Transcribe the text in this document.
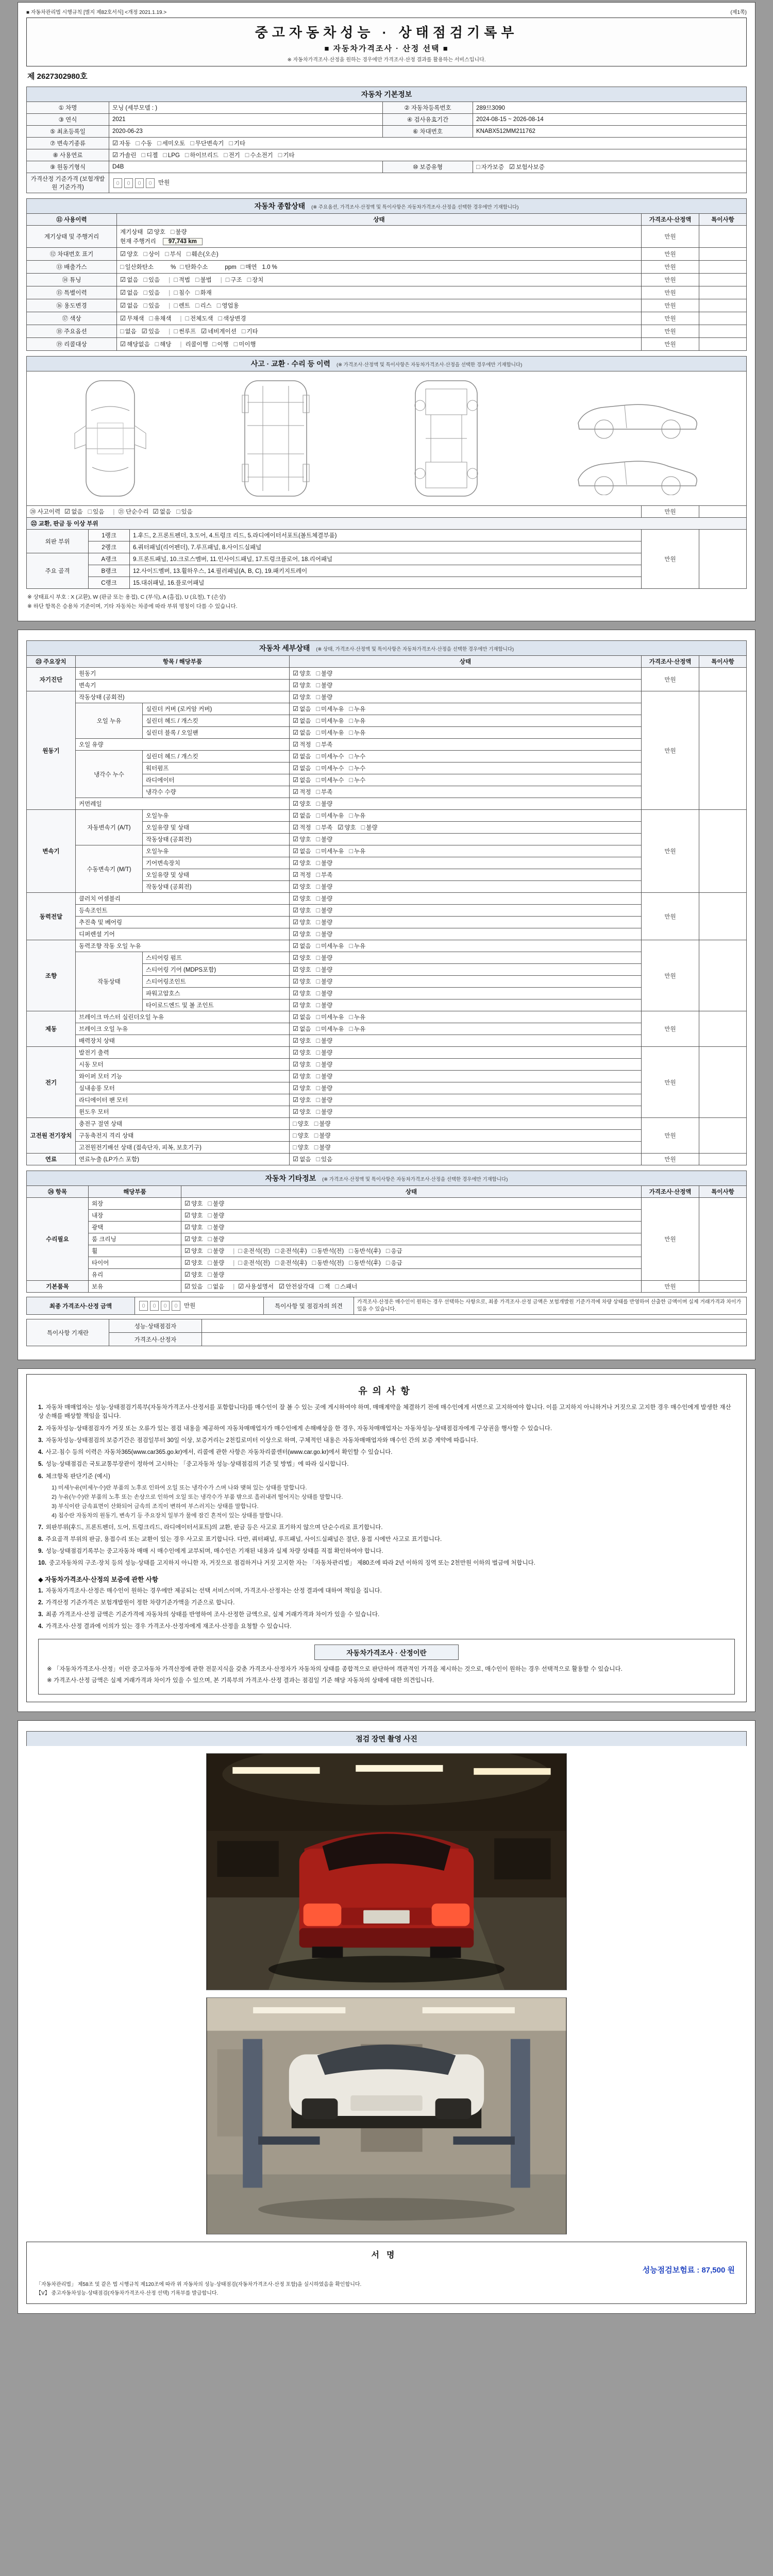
■ 자동차관리법 시행규칙 [별지 제82호서식] <개정 2021.1.19.>	(제1쪽)
중고자동차성능 · 상태점검기록부
■ 자동차가격조사 · 산정 선택 ■
※ 자동차가격조사·산정을 원하는 경우에만 가격조사·산정 결과를 활용하는 서비스입니다.
제 2627302980호
자동차 기본정보
① 차명	모닝 (세부모델 : )	② 자동차등록번호	289므3090
③ 연식	2021	④ 검사유효기간	2024-08-15 ~ 2026-08-14
⑤ 최초등록일	2020-06-23	⑥ 차대번호	KNABX512MM211762
⑦ 변속기종류	☑ 자동 □ 수동 □ 세미오토 □ 무단변속기 □ 기타		
⑧ 사용연료	☑ 가솔린 □ 디젤 □ LPG □ 하이브리드 □ 전기 □ 수소전기 □ 기타		
⑨ 원동기형식	D4B	⑩ 보증유형	□ 자가보증 ☑ 보험사보증
가격산정 기준가격 (보험개발원 기준가격)	0 0 0 0 만원		
자동차 종합상태 (※ 주요옵션, 가격조사·산정액 및 특이사항은 자동차가격조사·산정을 선택한 경우에만 기재합니다)
⑪ 사용이력	상태	가격조사·산정액	특이사항
계기상태 및 주행거리	계기상태 ☑ 양호 □ 불량
현재 주행거리 97,743 km	만원	
⑫ 차대번호 표기	☑ 양호 □ 상이 □ 부식 □ 훼손(오손)	만원	
⑬ 배출가스	□ 일산화탄소　　% □ 탄화수소　　ppm □ 매연 1.0 %	만원	
⑭ 튜닝	☑ 없음 □ 있음 | □ 적법 □ 불법 | □ 구조 □ 장치	만원	
⑮ 특별이력	☑ 없음 □ 있음 | □ 침수 □ 화재	만원	
⑯ 용도변경	☑ 없음 □ 있음 | □ 렌트 □ 리스 □ 영업용	만원	
⑰ 색상	☑ 무채색 □ 유채색 | □ 전체도색 □ 색상변경	만원	
⑱ 주요옵션	□ 없음 ☑ 있음 | □ 썬루프 ☑ 네비게이션 □ 기타	만원	
⑲ 리콜대상	☑ 해당없음 □ 해당 | 리콜이행 □ 이행 □ 미이행	만원	
사고 · 교환 · 수리 등 이력 (※ 가격조사·산정액 및 특이사항은 자동차가격조사·산정을 선택한 경우에만 기재합니다)
⑳ 사고이력 ☑ 없음 □ 있음 | ㉑ 단순수리 ☑ 없음 □ 있음			만원	
㉒ 교환, 판금 등 이상 부위				
외판 부위	1랭크	1.후드, 2.프론트펜더, 3.도어, 4.트렁크 리드, 5.라디에이터서포트(볼트체결부품)	만원	
	2랭크	6.쿼터패널(리어펜더), 7.루프패널, 8.사이드실패널		
주요 골격	A랭크	9.프론트패널, 10.크로스멤버, 11.인사이드패널, 17.트렁크플로어, 18.리어패널		
	B랭크	12.사이드멤버, 13.휠하우스, 14.필러패널(A, B, C), 19.패키지트레이		
	C랭크	15.대쉬패널, 16.플로어패널		
※ 상태표시 부호 : X (교환), W (판금 또는 용접), C (부식), A (흠집), U (요철), T (손상)
※ 하단 항목은 승용차 기준이며, 기타 자동차는 차종에 따라 부위 명칭이 다를 수 있습니다.
자동차 세부상태 (※ 상태, 가격조사·산정액 및 특이사항은 자동차가격조사·산정을 선택한 경우에만 기재합니다)
㉓ 주요장치	항목 / 해당부품		상태	가격조사·산정액	특이사항
자기진단	원동기		☑ 양호 □ 불량	만원	
	변속기		☑ 양호 □ 불량		
원동기	작동상태 (공회전)		☑ 양호 □ 불량	만원	
	오일 누유	실린더 커버 (로커암 커버)	☑ 없음 □ 미세누유 □ 누유		
		실린더 헤드 / 개스킷	☑ 없음 □ 미세누유 □ 누유		
		실린더 블록 / 오일팬	☑ 없음 □ 미세누유 □ 누유		
	오일 유량		☑ 적정 □ 부족		
	냉각수 누수	실린더 헤드 / 개스킷	☑ 없음 □ 미세누수 □ 누수		
		워터펌프	☑ 없음 □ 미세누수 □ 누수		
		라디에이터	☑ 없음 □ 미세누수 □ 누수		
		냉각수 수량	☑ 적정 □ 부족		
	커먼레일		☑ 양호 □ 불량		
변속기	자동변속기 (A/T)	오일누유	☑ 없음 □ 미세누유 □ 누유	만원	
		오일유량 및 상태	☑ 적정 □ 부족 ☑ 양호 □ 불량		
		작동상태 (공회전)	☑ 양호 □ 불량		
	수동변속기 (M/T)	오일누유	☑ 없음 □ 미세누유 □ 누유		
		기어변속장치	☑ 양호 □ 불량		
		오일유량 및 상태	☑ 적정 □ 부족		
		작동상태 (공회전)	☑ 양호 □ 불량		
동력전달	클러치 어셈블리		☑ 양호 □ 불량	만원	
	등속조인트		☑ 양호 □ 불량		
	추진축 및 베어링		☑ 양호 □ 불량		
	디퍼렌셜 기어		☑ 양호 □ 불량		
조향	동력조향 작동 오일 누유		☑ 없음 □ 미세누유 □ 누유	만원	
	작동상태	스티어링 펌프	☑ 양호 □ 불량		
		스티어링 기어 (MDPS포함)	☑ 양호 □ 불량		
		스티어링조인트	☑ 양호 □ 불량		
		파워고압호스	☑ 양호 □ 불량		
		타이로드엔드 및 볼 조인트	☑ 양호 □ 불량		
제동	브레이크 마스터 실린더오일 누유		☑ 없음 □ 미세누유 □ 누유	만원	
	브레이크 오일 누유		☑ 없음 □ 미세누유 □ 누유		
	배력장치 상태		☑ 양호 □ 불량		
전기	발전기 출력		☑ 양호 □ 불량	만원	
	시동 모터		☑ 양호 □ 불량		
	와이퍼 모터 기능		☑ 양호 □ 불량		
	실내송풍 모터		☑ 양호 □ 불량		
	라디에이터 팬 모터		☑ 양호 □ 불량		
	윈도우 모터		☑ 양호 □ 불량		
고전원 전기장치	충전구 절연 상태		□ 양호 □ 불량	만원	
	구동축전지 격리 상태		□ 양호 □ 불량		
	고전원전기배선 상태 (접속단자, 피복, 보호기구)		□ 양호 □ 불량		
연료	연료누출 (LP가스 포함)		☑ 없음 □ 있음	만원	
자동차 기타정보 (※ 가격조사·산정액 및 특이사항은 자동차가격조사·산정을 선택한 경우에만 기재합니다)
㉔ 항목	해당부품	상태	가격조사·산정액	특이사항
수리필요	외장	☑ 양호 □ 불량	만원	
	내장	☑ 양호 □ 불량		
	광택	☑ 양호 □ 불량		
	룸 크리닝	☑ 양호 □ 불량		
	휠	☑ 양호 □ 불량 | □ 운전석(전) □ 운전석(후) □ 동반석(전) □ 동반석(후) □ 응급		
	타이어	☑ 양호 □ 불량 | □ 운전석(전) □ 운전석(후) □ 동반석(전) □ 동반석(후) □ 응급		
	유리	☑ 양호 □ 불량		
기본품목	보유	☑ 있음 □ 없음 | ☑ 사용설명서 ☑ 안전삼각대 □ 잭 □ 스패너	만원	
최종 가격조사·산정 금액	0 0 0 0 만원	특이사항 및 점검자의 의견	가격조사·산정은 매수인이 원하는 경우 선택하는 사항으로, 최종 가격조사·산정 금액은 보험개발원 기준가격에 차량 상태를 반영하여 산출한 금액이며 실제 거래가격과 차이가 있을 수 있습니다.
특이사항 기재란	성능·상태점검자	
	가격조사·산정자	
유의사항
1. 자동차 매매업자는 성능·상태점검기록부(자동차가격조사·산정서를 포함합니다)를 매수인이 잘 볼 수 있는 곳에 게시하여야 하며, 매매계약을 체결하기 전에 매수인에게 서면으로 고지하여야 합니다. 이를 고지하지 아니하거나 거짓으로 고지한 경우 매수인에게 발생한 재산상 손해를 배상할 책임을 집니다.
2. 자동차성능·상태점검자가 거짓 또는 오류가 있는 점검 내용을 제공하여 자동차매매업자가 매수인에게 손해배상을 한 경우, 자동차매매업자는 자동차성능·상태점검자에게 구상권을 행사할 수 있습니다.
3. 자동차성능·상태점검의 보증기간은 점검일부터 30일 이상, 보증거리는 2천킬로미터 이상으로 하며, 구체적인 내용은 자동차매매업자와 매수인 간의 보증 계약에 따릅니다.
4. 사고·침수 등의 이력은 자동차365(www.car365.go.kr)에서, 리콜에 관한 사항은 자동차리콜센터(www.car.go.kr)에서 확인할 수 있습니다.
5. 성능·상태점검은 국토교통부장관이 정하여 고시하는 「중고자동차 성능·상태점검의 기준 및 방법」에 따라 실시합니다.
6. 체크항목 판단기준 (예시)
1) 미세누유(미세누수)란 부품의 노후로 인하여 오일 또는 냉각수가 스며 나와 맺혀 있는 상태를 말합니다.
2) 누유(누수)란 부품의 노후 또는 손상으로 인하여 오일 또는 냉각수가 부품 밖으로 흘러내려 떨어지는 상태를 말합니다.
3) 부식이란 금속표면이 산화되어 금속의 조직이 변하여 부스러지는 상태를 말합니다.
4) 침수란 자동차의 원동기, 변속기 등 주요장치 일부가 물에 잠긴 흔적이 있는 상태를 말합니다.
7. 외판부위(후드, 프론트펜더, 도어, 트렁크리드, 라디에이터서포트)의 교환, 판금 등은 사고로 표기하지 않으며 단순수리로 표기합니다.
8. 주요골격 부위의 판금, 용접수리 또는 교환이 있는 경우 사고로 표기합니다. 다만, 쿼터패널, 루프패널, 사이드실패널은 절단, 용접 시에만 사고로 표기합니다.
9. 성능·상태점검기록부는 중고자동차 매매 시 매수인에게 교부되며, 매수인은 기재된 내용과 실제 차량 상태를 직접 확인하여야 합니다.
10. 중고자동차의 구조·장치 등의 성능·상태를 고지하지 아니한 자, 거짓으로 점검하거나 거짓 고지한 자는 「자동차관리법」 제80조에 따라 2년 이하의 징역 또는 2천만원 이하의 벌금에 처합니다.
◆ 자동차가격조사·산정의 보증에 관한 사항
1. 자동차가격조사·산정은 매수인이 원하는 경우에만 제공되는 선택 서비스이며, 가격조사·산정자는 산정 결과에 대하여 책임을 집니다.
2. 가격산정 기준가격은 보험개발원이 정한 차량기준가액을 기준으로 합니다.
3. 최종 가격조사·산정 금액은 기준가격에 자동차의 상태를 반영하여 조사·산정한 금액으로, 실제 거래가격과 차이가 있을 수 있습니다.
4. 가격조사·산정 결과에 이의가 있는 경우 가격조사·산정자에게 재조사·산정을 요청할 수 있습니다.
자동차가격조사 · 산정이란
※ 「자동차가격조사·산정」이란 중고자동차 가격산정에 관한 전문지식을 갖춘 가격조사·산정자가 자동차의 상태를 종합적으로 판단하여 객관적인 가격을 제시하는 것으로, 매수인이 원하는 경우 선택적으로 활용할 수 있습니다.
※ 가격조사·산정 금액은 실제 거래가격과 차이가 있을 수 있으며, 본 기록부의 가격조사·산정 결과는 점검일 기준 해당 자동차의 상태에 대한 의견입니다.
점검 장면 촬영 사진
서명
성능점검보험료 : 87,500 원
「자동차관리법」 제58조 및 같은 법 시행규칙 제120조에 따라 위 자동차의 성능·상태점검(자동차가격조사·산정 포함)을 실시하였음을 확인합니다.
【V】 중고자동차성능·상태점검(자동차가격조사·산정 선택) 기록부를 발급합니다.
